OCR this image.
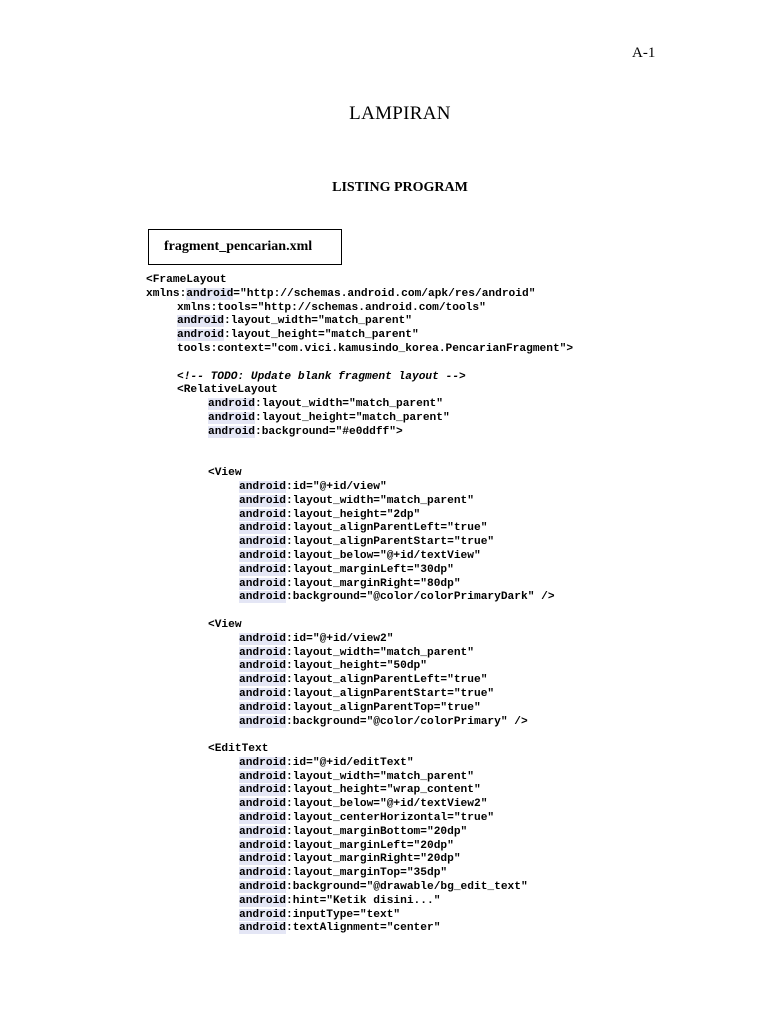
A-1
LAMPIRAN
LISTING PROGRAM
fragment_pencarian.xml
<FrameLayout
xmlns:android="http://schemas.android.com/apk/res/android"
xmlns:tools="http://schemas.android.com/tools"
android:layout_width="match_parent"
android:layout_height="match_parent"
tools:context="com.vici.kamusindo_korea.PencarianFragment">
<!-- TODO: Update blank fragment layout -->
<RelativeLayout
android:layout_width="match_parent"
android:layout_height="match_parent"
android:background="#e0ddff">
<View
android:id="@+id/view"
android:layout_width="match_parent"
android:layout_height="2dp"
android:layout_alignParentLeft="true"
android:layout_alignParentStart="true"
android:layout_below="@+id/textView"
android:layout_marginLeft="30dp"
android:layout_marginRight="80dp"
android:background="@color/colorPrimaryDark" />
<View
android:id="@+id/view2"
android:layout_width="match_parent"
android:layout_height="50dp"
android:layout_alignParentLeft="true"
android:layout_alignParentStart="true"
android:layout_alignParentTop="true"
android:background="@color/colorPrimary" />
<EditText
android:id="@+id/editText"
android:layout_width="match_parent"
android:layout_height="wrap_content"
android:layout_below="@+id/textView2"
android:layout_centerHorizontal="true"
android:layout_marginBottom="20dp"
android:layout_marginLeft="20dp"
android:layout_marginRight="20dp"
android:layout_marginTop="35dp"
android:background="@drawable/bg_edit_text"
android:hint="Ketik disini..."
android:inputType="text"
android:textAlignment="center"
